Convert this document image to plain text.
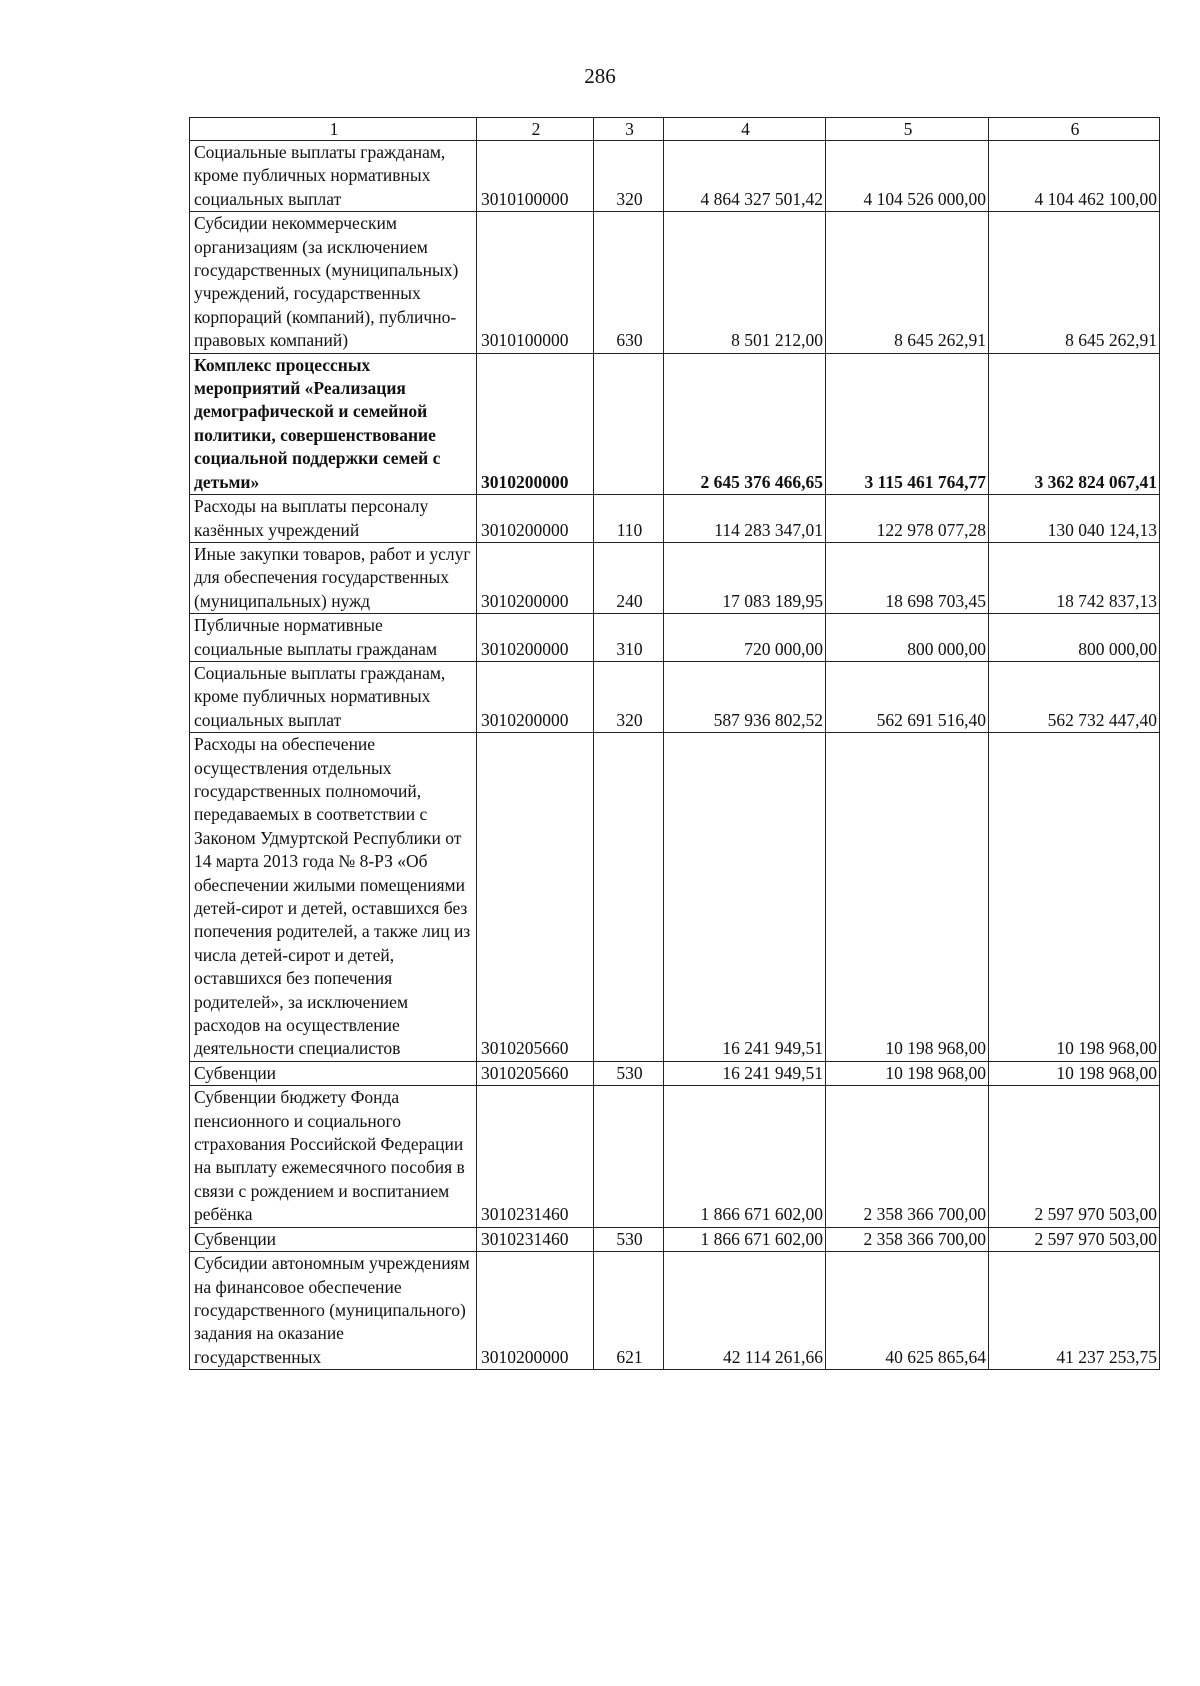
286
1	2	3	4	5	6
Социальные выплаты гражданам, кроме публичных нормативных социальных выплат	3010100000	320	4 864 327 501,42	4 104 526 000,00	4 104 462 100,00
Субсидии некоммерческим организациям (за исключением государственных (муниципальных) учреждений, государственных корпораций (компаний), публично-правовых компаний)	3010100000	630	8 501 212,00	8 645 262,91	8 645 262,91
Комплекс процессных мероприятий «Реализация демографической и семейной политики, совершенствование социальной поддержки семей с детьми»	3010200000		2 645 376 466,65	3 115 461 764,77	3 362 824 067,41
Расходы на выплаты персоналу казённых учреждений	3010200000	110	114 283 347,01	122 978 077,28	130 040 124,13
Иные закупки товаров, работ и услуг для обеспечения государственных (муниципальных) нужд	3010200000	240	17 083 189,95	18 698 703,45	18 742 837,13
Публичные нормативные социальные выплаты гражданам	3010200000	310	720 000,00	800 000,00	800 000,00
Социальные выплаты гражданам, кроме публичных нормативных социальных выплат	3010200000	320	587 936 802,52	562 691 516,40	562 732 447,40
Расходы на обеспечение осуществления отдельных государственных полномочий, передаваемых в соответствии с Законом Удмуртской Республики от 14 марта 2013 года № 8-РЗ «Об обеспечении жилыми помещениями детей-сирот и детей, оставшихся без попечения родителей, а также лиц из числа детей-сирот и детей, оставшихся без попечения родителей», за исключением расходов на осуществление деятельности специалистов	3010205660		16 241 949,51	10 198 968,00	10 198 968,00
Субвенции	3010205660	530	16 241 949,51	10 198 968,00	10 198 968,00
Субвенции бюджету Фонда пенсионного и социального страхования Российской Федерации на выплату ежемесячного пособия в связи с рождением и воспитанием ребёнка	3010231460		1 866 671 602,00	2 358 366 700,00	2 597 970 503,00
Субвенции	3010231460	530	1 866 671 602,00	2 358 366 700,00	2 597 970 503,00
Субсидии автономным учреждениям на финансовое обеспечение государственного (муниципального) задания на оказание государственных	3010200000	621	42 114 261,66	40 625 865,64	41 237 253,75
